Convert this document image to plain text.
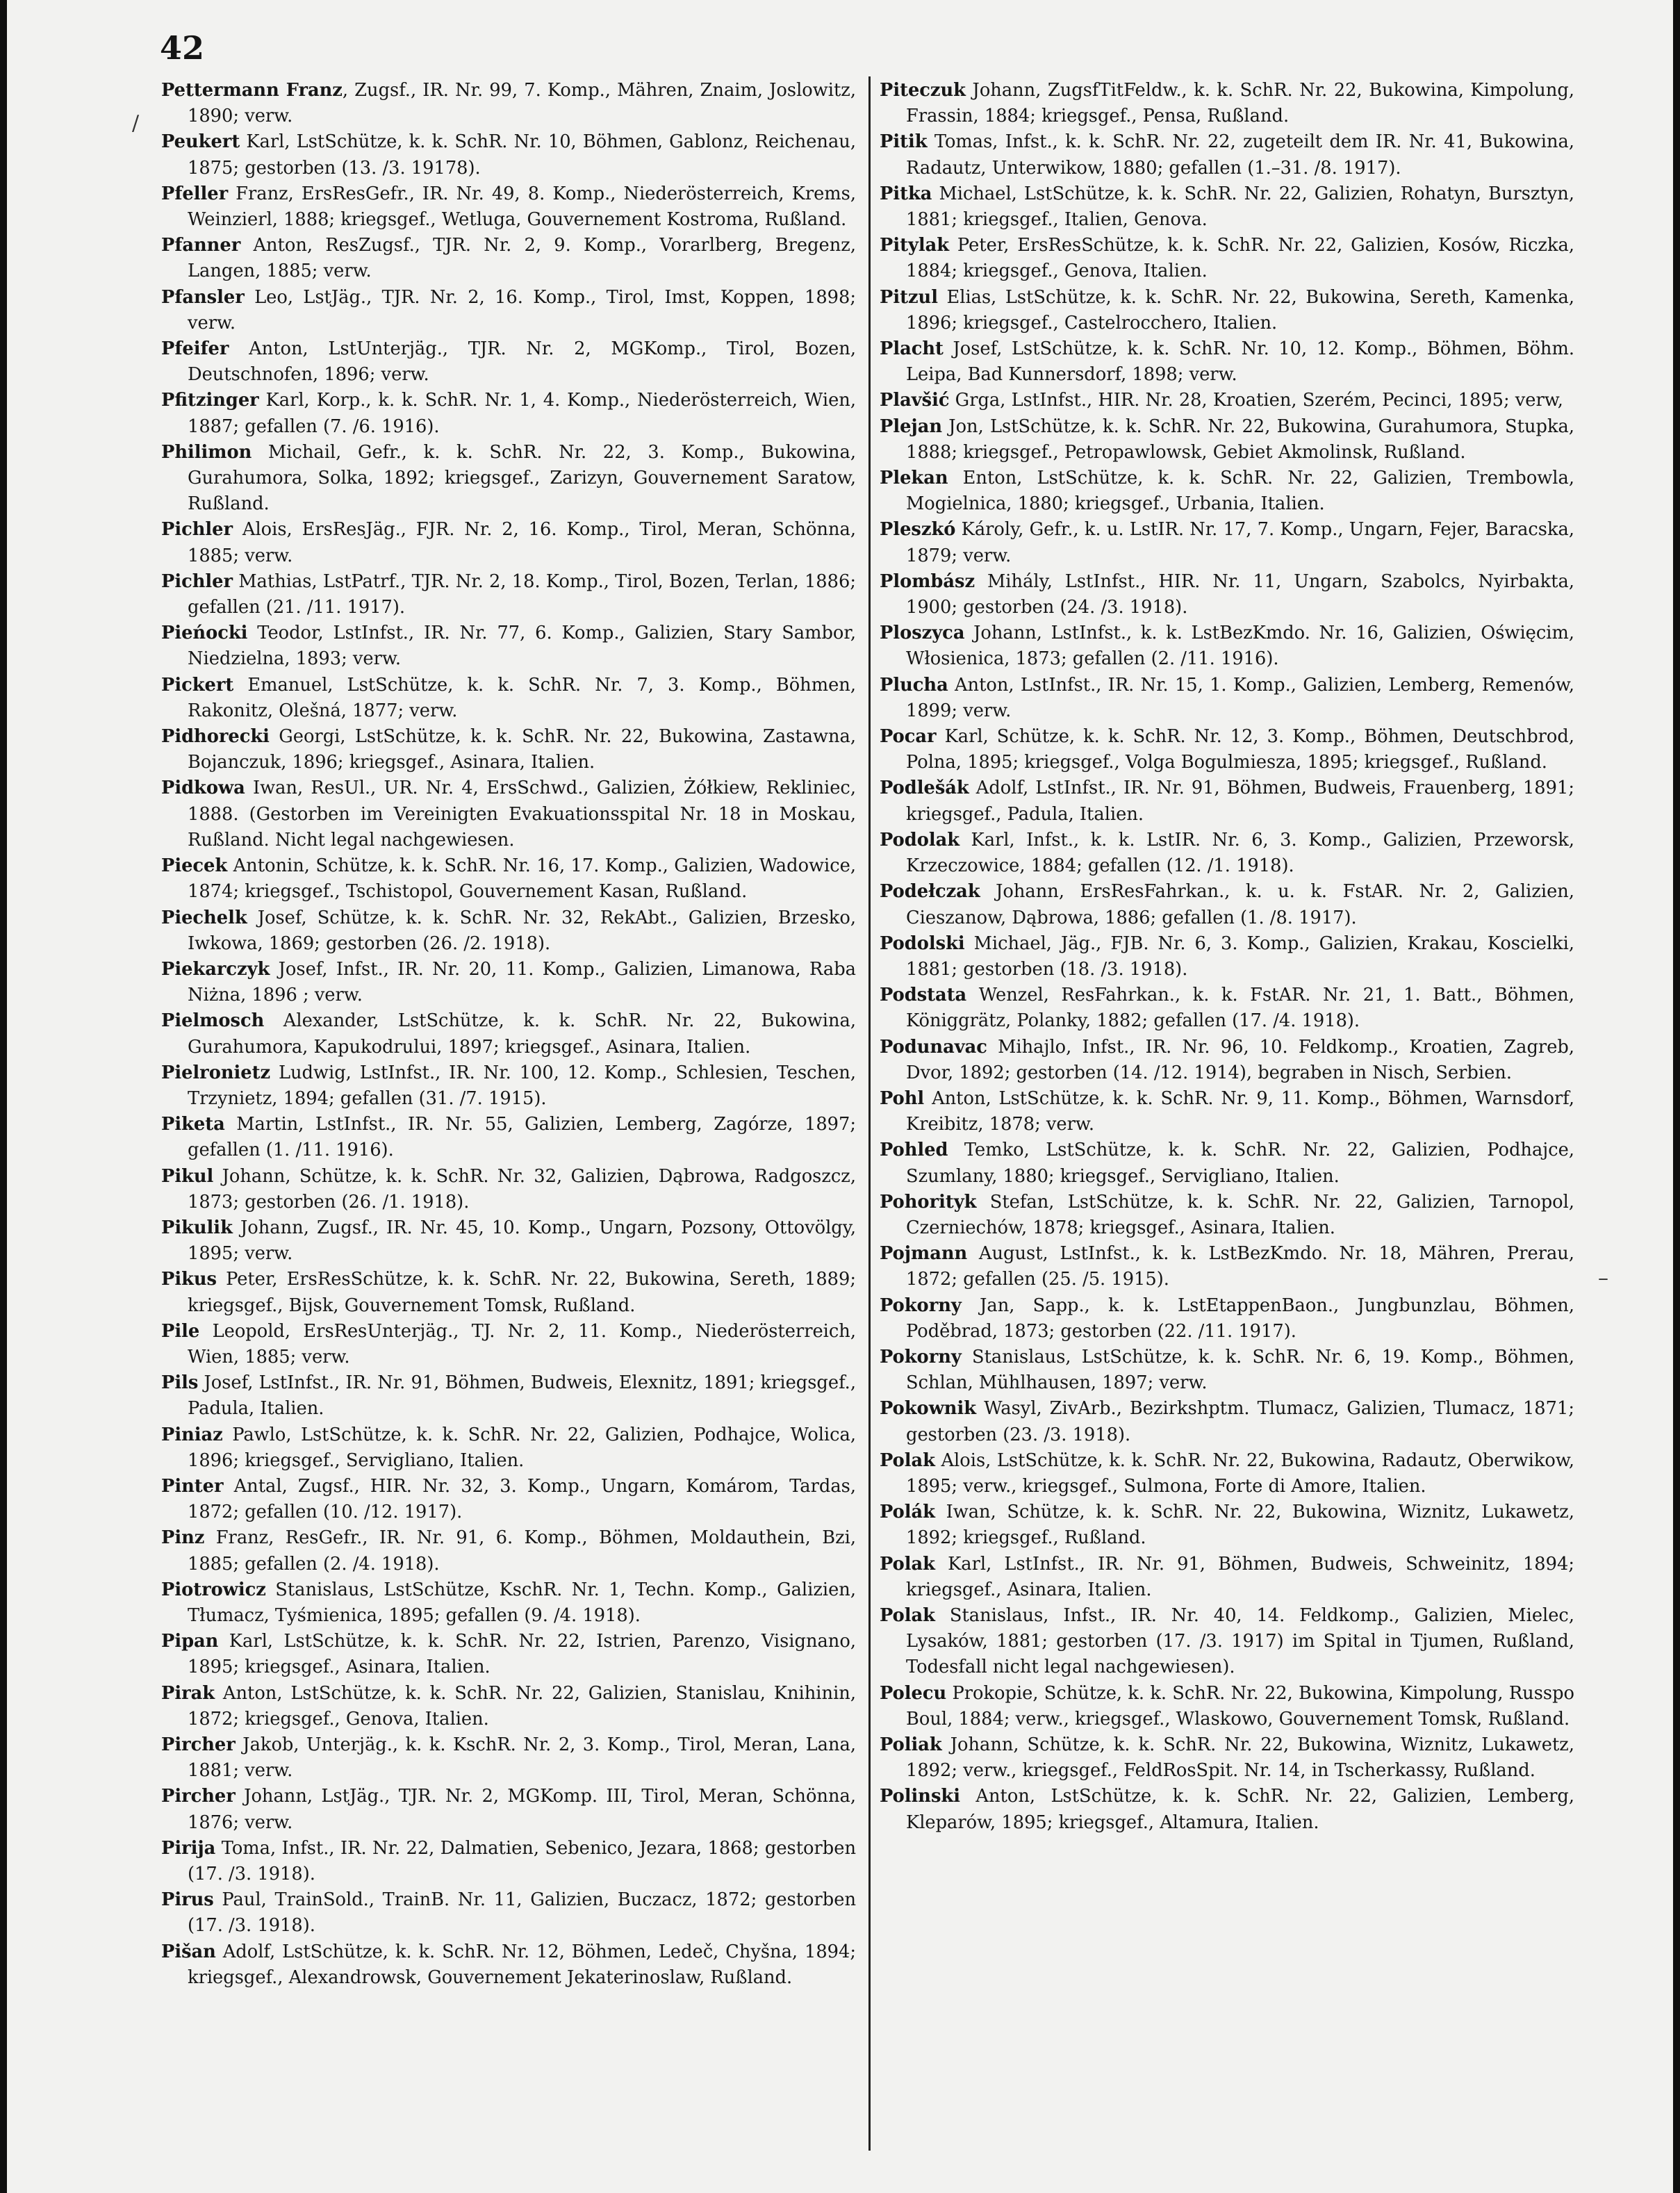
42
/
–

Pettermann Franz, Zugsf., IR. Nr. 99, 7. Komp., Mähren, Znaim, Joslowitz, 1890; verw.

Peukert Karl, LstSchütze, k. k. SchR. Nr. 10, Böhmen, Gablonz, Reichenau, 1875; gestorben (13. /3. 19178).

Pfeller Franz, ErsResGefr., IR. Nr. 49, 8. Komp., Niederösterreich, Krems, Weinzierl, 1888; kriegsgef., Wetluga, Gouvernement Kostroma, Rußland.

Pfanner Anton, ResZugsf., TJR. Nr. 2, 9. Komp., Vorarlberg, Bregenz, Langen, 1885; verw.

Pfansler Leo, LstJäg., TJR. Nr. 2, 16. Komp., Tirol, Imst, Koppen, 1898; verw.

Pfeifer Anton, LstUnterjäg., TJR. Nr. 2, MGKomp., Tirol, Bozen, Deutschnofen, 1896; verw.

Pfitzinger Karl, Korp., k. k. SchR. Nr. 1, 4. Komp., Niederösterreich, Wien, 1887; gefallen (7. /6. 1916).

Philimon Michail, Gefr., k. k. SchR. Nr. 22, 3. Komp., Bukowina, Gurahumora, Solka, 1892; kriegsgef., Zarizyn, Gouvernement Saratow, Rußland.

Pichler Alois, ErsResJäg., FJR. Nr. 2, 16. Komp., Tirol, Meran, Schönna, 1885; verw.

Pichler Mathias, LstPatrf., TJR. Nr. 2, 18. Komp., Tirol, Bozen, Terlan, 1886; gefallen (21. /11. 1917).

Pieńocki Teodor, LstInfst., IR. Nr. 77, 6. Komp., Galizien, Stary Sambor, Niedzielna, 1893; verw.

Pickert Emanuel, LstSchütze, k. k. SchR. Nr. 7, 3. Komp., Böhmen, Rakonitz, Olešná, 1877; verw.

Pidhorecki Georgi, LstSchütze, k. k. SchR. Nr. 22, Bukowina, Zastawna, Bojanczuk, 1896; kriegsgef., Asinara, Italien.

Pidkowa Iwan, ResUl., UR. Nr. 4, ErsSchwd., Galizien, Żółkiew, Rekliniec, 1888. (Gestorben im Vereinigten Evakuationsspital Nr. 18 in Moskau, Rußland. Nicht legal nachgewiesen.

Piecek Antonin, Schütze, k. k. SchR. Nr. 16, 17. Komp., Galizien, Wadowice, 1874; kriegsgef., Tschistopol, Gouvernement Kasan, Rußland.

Piechelk Josef, Schütze, k. k. SchR. Nr. 32, RekAbt., Galizien, Brzesko, Iwkowa, 1869; gestorben (26. /2. 1918).

Piekarczyk Josef, Infst., IR. Nr. 20, 11. Komp., Galizien, Limanowa, Raba Niżna, 1896 ; verw.

Pielmosch Alexander, LstSchütze, k. k. SchR. Nr. 22, Bukowina, Gurahumora, Kapukodrului, 1897; kriegsgef., Asinara, Italien.

Pielronietz Ludwig, LstInfst., IR. Nr. 100, 12. Komp., Schlesien, Teschen, Trzynietz, 1894; gefallen (31. /7. 1915).

Piketa Martin, LstInfst., IR. Nr. 55, Galizien, Lemberg, Zagórze, 1897; gefallen (1. /11. 1916).

Pikul Johann, Schütze, k. k. SchR. Nr. 32, Galizien, Dąbrowa, Radgoszcz, 1873; gestorben (26. /1. 1918).

Pikulik Johann, Zugsf., IR. Nr. 45, 10. Komp., Ungarn, Pozsony, Ottovölgy, 1895; verw.

Pikus Peter, ErsResSchütze, k. k. SchR. Nr. 22, Bukowina, Sereth, 1889; kriegsgef., Bijsk, Gouvernement Tomsk, Rußland.

Pile Leopold, ErsResUnterjäg., TJ. Nr. 2, 11. Komp., Niederösterreich, Wien, 1885; verw.

Pils Josef, LstInfst., IR. Nr. 91, Böhmen, Budweis, Elexnitz, 1891; kriegsgef., Padula, Italien.

Piniaz Pawlo, LstSchütze, k. k. SchR. Nr. 22, Galizien, Podhajce, Wolica, 1896; kriegsgef., Servigliano, Italien.

Pinter Antal, Zugsf., HIR. Nr. 32, 3. Komp., Ungarn, Komárom, Tardas, 1872; gefallen (10. /12. 1917).

Pinz Franz, ResGefr., IR. Nr. 91, 6. Komp., Böhmen, Moldauthein, Bzi, 1885; gefallen (2. /4. 1918).

Piotrowicz Stanislaus, LstSchütze, KschR. Nr. 1, Techn. Komp., Galizien, Tłumacz, Tyśmienica, 1895; gefallen (9. /4. 1918).

Pipan Karl, LstSchütze, k. k. SchR. Nr. 22, Istrien, Parenzo, Visignano, 1895; kriegsgef., Asinara, Italien.

Pirak Anton, LstSchütze, k. k. SchR. Nr. 22, Galizien, Stanislau, Knihinin, 1872; kriegsgef., Genova, Italien.

Pircher Jakob, Unterjäg., k. k. KschR. Nr. 2, 3. Komp., Tirol, Meran, Lana, 1881; verw.

Pircher Johann, LstJäg., TJR. Nr. 2, MGKomp. III, Tirol, Meran, Schönna, 1876; verw.

Pirija Toma, Infst., IR. Nr. 22, Dalmatien, Sebenico, Jezara, 1868; gestorben (17. /3. 1918).

Pirus Paul, TrainSold., TrainB. Nr. 11, Galizien, Buczacz, 1872; gestorben (17. /3. 1918).

Pišan Adolf, LstSchütze, k. k. SchR. Nr. 12, Böhmen, Ledeč, Chyšna, 1894; kriegsgef., Alexandrowsk, Gouvernement Jekaterinoslaw, Rußland.

Piteczuk Johann, ZugsfTitFeldw., k. k. SchR. Nr. 22, Bukowina, Kimpolung, Frassin, 1884; kriegsgef., Pensa, Rußland.

Pitik Tomas, Infst., k. k. SchR. Nr. 22, zugeteilt dem IR. Nr. 41, Bukowina, Radautz, Unterwikow, 1880; gefallen (1.–31. /8. 1917).

Pitka Michael, LstSchütze, k. k. SchR. Nr. 22, Galizien, Rohatyn, Bursztyn, 1881; kriegsgef., Italien, Genova.

Pitylak Peter, ErsResSchütze, k. k. SchR. Nr. 22, Galizien, Kosów, Riczka, 1884; kriegsgef., Genova, Italien.

Pitzul Elias, LstSchütze, k. k. SchR. Nr. 22, Bukowina, Sereth, Kamenka, 1896; kriegsgef., Castelrocchero, Italien.

Placht Josef, LstSchütze, k. k. SchR. Nr. 10, 12. Komp., Böhmen, Böhm. Leipa, Bad Kunnersdorf, 1898; verw.

Plavšić Grga, LstInfst., HIR. Nr. 28, Kroatien, Szerém, Pecinci, 1895; verw,

Plejan Jon, LstSchütze, k. k. SchR. Nr. 22, Bukowina, Gurahumora, Stupka, 1888; kriegsgef., Petropawlowsk, Gebiet Akmolinsk, Rußland.

Plekan Enton, LstSchütze, k. k. SchR. Nr. 22, Galizien, Trembowla, Mogielnica, 1880; kriegsgef., Urbania, Italien.

Pleszkó Károly, Gefr., k. u. LstIR. Nr. 17, 7. Komp., Ungarn, Fejer, Baracska, 1879; verw.

Plombász Mihály, LstInfst., HIR. Nr. 11, Ungarn, Szabolcs, Nyirbakta, 1900; gestorben (24. /3. 1918).

Ploszyca Johann, LstInfst., k. k. LstBezKmdo. Nr. 16, Galizien, Oświęcim, Włosienica, 1873; gefallen (2. /11. 1916).

Plucha Anton, LstInfst., IR. Nr. 15, 1. Komp., Galizien, Lemberg, Remenów, 1899; verw.

Pocar Karl, Schütze, k. k. SchR. Nr. 12, 3. Komp., Böhmen, Deutschbrod, Polna, 1895; kriegsgef., Volga Bogulmiesza, 1895; kriegsgef., Rußland.

Podlešák Adolf, LstInfst., IR. Nr. 91, Böhmen, Budweis, Frauenberg, 1891; kriegsgef., Padula, Italien.

Podolak Karl, Infst., k. k. LstIR. Nr. 6, 3. Komp., Galizien, Przeworsk, Krzeczowice, 1884; gefallen (12. /1. 1918).

Podełczak Johann, ErsResFahrkan., k. u. k. FstAR. Nr. 2, Galizien, Cieszanow, Dąbrowa, 1886; gefallen (1. /8. 1917).

Podolski Michael, Jäg., FJB. Nr. 6, 3. Komp., Galizien, Krakau, Koscielki, 1881; gestorben (18. /3. 1918).

Podstata Wenzel, ResFahrkan., k. k. FstAR. Nr. 21, 1. Batt., Böhmen, Königgrätz, Polanky, 1882; gefallen (17. /4. 1918).

Podunavac Mihajlo, Infst., IR. Nr. 96, 10. Feldkomp., Kroatien, Zagreb, Dvor, 1892; gestorben (14. /12. 1914), begraben in Nisch, Serbien.

Pohl Anton, LstSchütze, k. k. SchR. Nr. 9, 11. Komp., Böhmen, Warnsdorf, Kreibitz, 1878; verw.

Pohled Temko, LstSchütze, k. k. SchR. Nr. 22, Galizien, Podhajce, Szumlany, 1880; kriegsgef., Servigliano, Italien.

Pohorityk Stefan, LstSchütze, k. k. SchR. Nr. 22, Galizien, Tarnopol, Czerniechów, 1878; kriegsgef., Asinara, Italien.

Pojmann August, LstInfst., k. k. LstBezKmdo. Nr. 18, Mähren, Prerau, 1872; gefallen (25. /5. 1915).

Pokorny Jan, Sapp., k. k. LstEtappenBaon., Jungbunzlau, Böhmen, Poděbrad, 1873; gestorben (22. /11. 1917).

Pokorny Stanislaus, LstSchütze, k. k. SchR. Nr. 6, 19. Komp., Böhmen, Schlan, Mühlhausen, 1897; verw.

Pokownik Wasyl, ZivArb., Bezirkshptm. Tlumacz, Galizien, Tlumacz, 1871; gestorben (23. /3. 1918).

Polak Alois, LstSchütze, k. k. SchR. Nr. 22, Bukowina, Radautz, Oberwikow, 1895; verw., kriegsgef., Sulmona, Forte di Amore, Italien.

Polák Iwan, Schütze, k. k. SchR. Nr. 22, Bukowina, Wiznitz, Lukawetz, 1892; kriegsgef., Rußland.

Polak Karl, LstInfst., IR. Nr. 91, Böhmen, Budweis, Schweinitz, 1894; kriegsgef., Asinara, Italien.

Polak Stanislaus, Infst., IR. Nr. 40, 14. Feldkomp., Galizien, Mielec, Lysaków, 1881; gestorben (17. /3. 1917) im Spital in Tjumen, Rußland, Todesfall nicht legal nachgewiesen).

Polecu Prokopie, Schütze, k. k. SchR. Nr. 22, Bukowina, Kimpolung, Russpo Boul, 1884; verw., kriegsgef., Wlaskowo, Gouvernement Tomsk, Rußland.

Poliak Johann, Schütze, k. k. SchR. Nr. 22, Bukowina, Wiznitz, Lukawetz, 1892; verw., kriegsgef., FeldRosSpit. Nr. 14, in Tscherkassy, Rußland.

Polinski Anton, LstSchütze, k. k. SchR. Nr. 22, Galizien, Lemberg, Kleparów, 1895; kriegsgef., Altamura, Italien.
